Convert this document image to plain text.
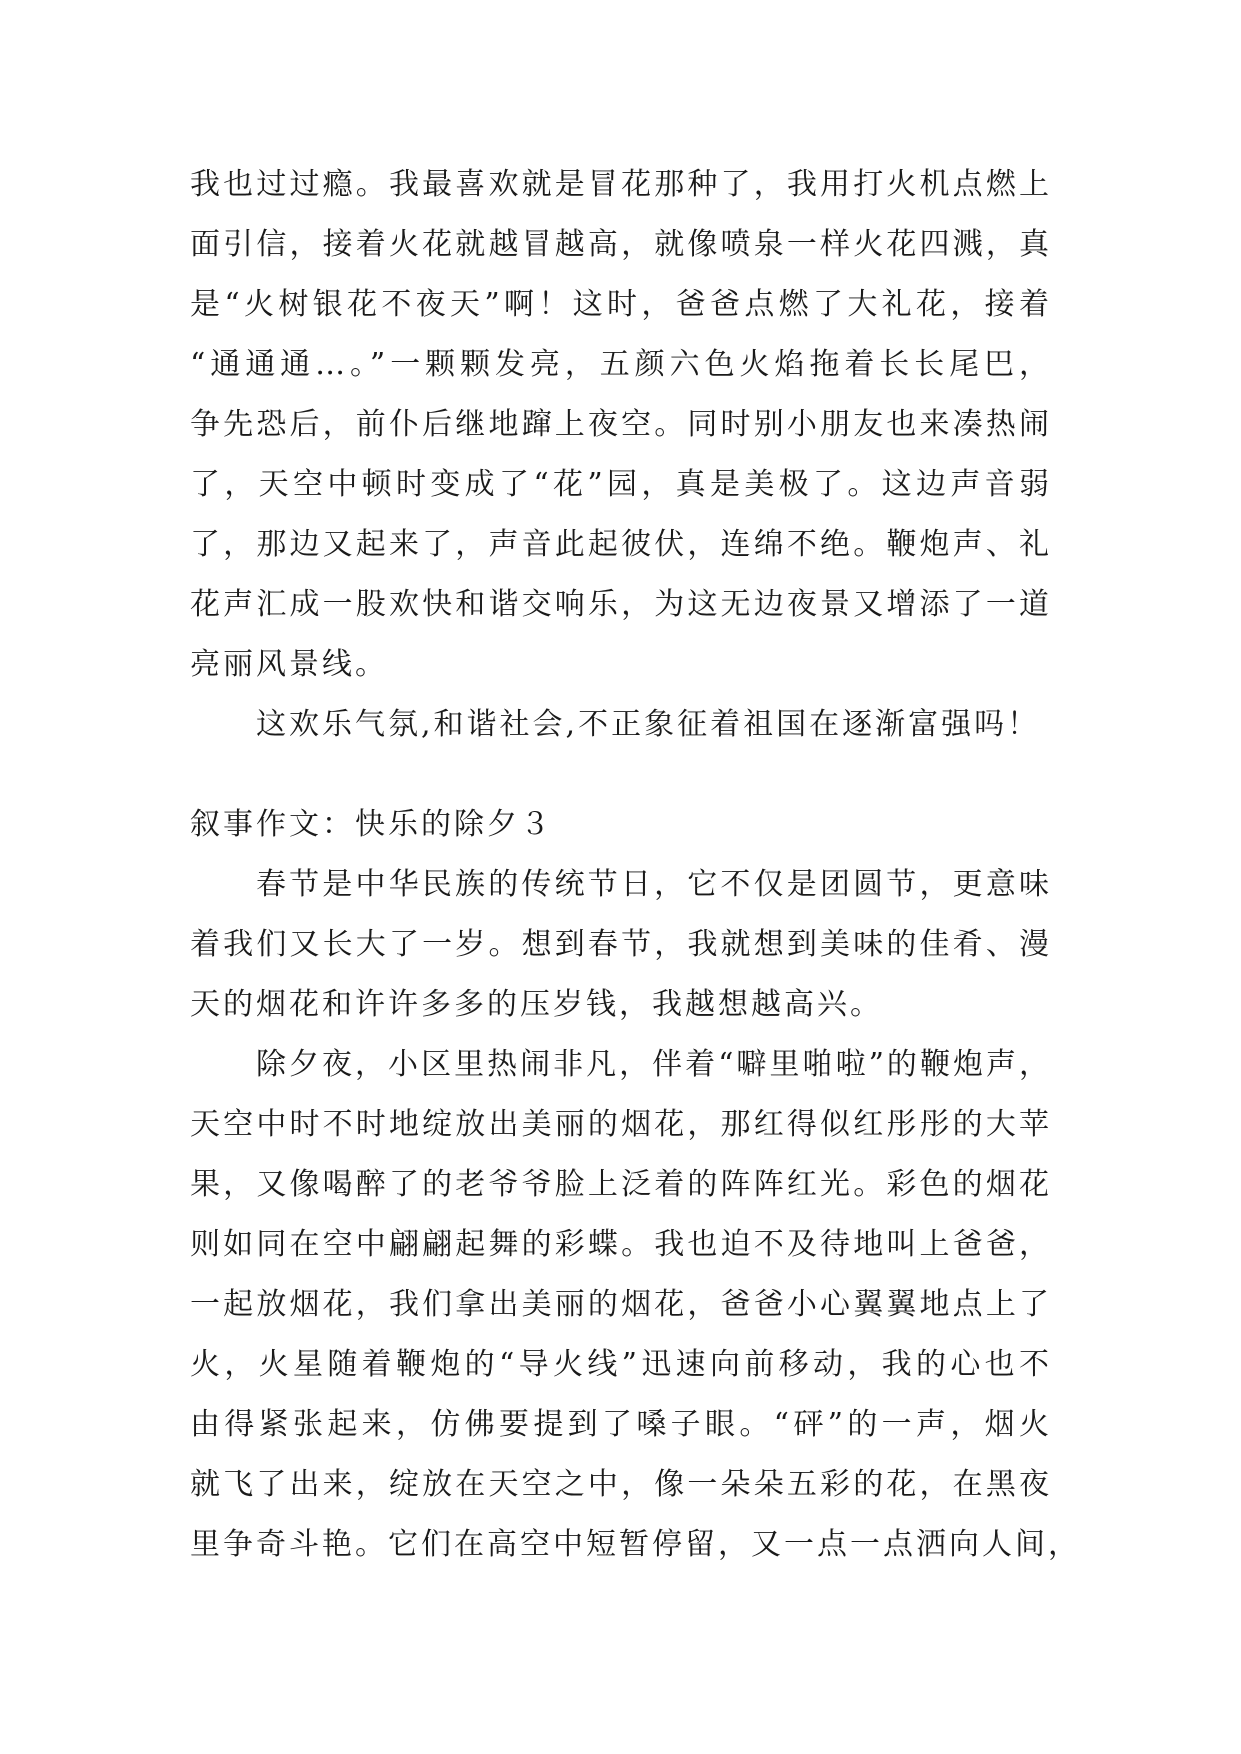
我也过过瘾。我最喜欢就是冒花那种了，我用打火机点燃上
面引信，接着火花就越冒越高，就像喷泉一样火花四溅，真
是“火树银花不夜天”啊！这时，爸爸点燃了大礼花，接着
“通通通…。”一颗颗发亮，五颜六色火焰拖着长长尾巴，
争先恐后，前仆后继地蹿上夜空。同时别小朋友也来凑热闹
了，天空中顿时变成了“花”园，真是美极了。这边声音弱
了，那边又起来了，声音此起彼伏，连绵不绝。鞭炮声、礼
花声汇成一股欢快和谐交响乐，为这无边夜景又增添了一道
亮丽风景线。
这欢乐气氛,和谐社会,不正象征着祖国在逐渐富强吗！
叙事作文：快乐的除夕３
春节是中华民族的传统节日，它不仅是团圆节，更意味
着我们又长大了一岁。想到春节，我就想到美味的佳肴、漫
天的烟花和许许多多的压岁钱，我越想越高兴。
除夕夜，小区里热闹非凡，伴着“噼里啪啦”的鞭炮声，
天空中时不时地绽放出美丽的烟花，那红得似红彤彤的大苹
果，又像喝醉了的老爷爷脸上泛着的阵阵红光。彩色的烟花
则如同在空中翩翩起舞的彩蝶。我也迫不及待地叫上爸爸，
一起放烟花，我们拿出美丽的烟花，爸爸小心翼翼地点上了
火，火星随着鞭炮的“导火线”迅速向前移动，我的心也不
由得紧张起来，仿佛要提到了嗓子眼。“砰”的一声，烟火
就飞了出来，绽放在天空之中，像一朵朵五彩的花，在黑夜
里争奇斗艳。它们在高空中短暂停留，又一点一点洒向人间，
